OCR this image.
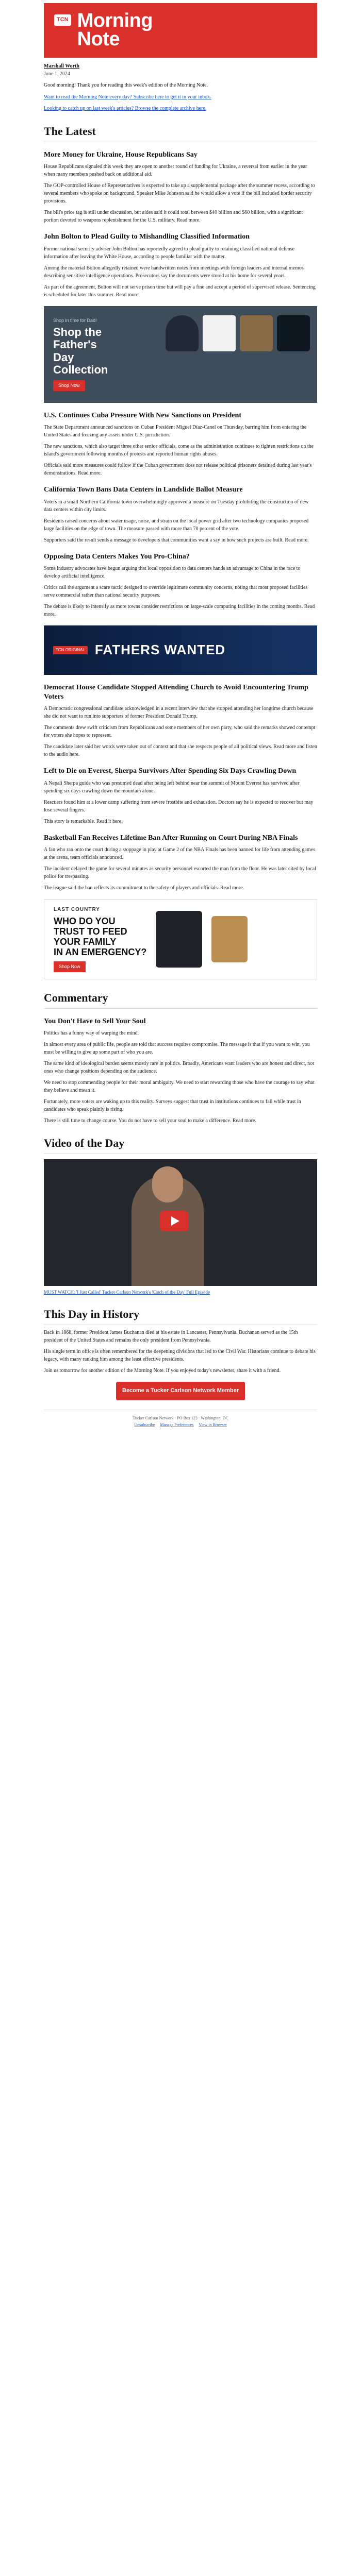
TCN Morning
Note
Marshall Worth
June 1, 2024

Good morning! Thank you for reading this week's edition of the Morning Note.

Want to read the Morning Note every day? Subscribe here to get it in your inbox.

Looking to catch up on last week's articles? Browse the complete archive here.

The Latest
More Money for Ukraine, House Republicans Say

House Republicans signaled this week they are open to another round of funding for Ukraine, a reversal from earlier in the year when many members pushed back on additional aid.

The GOP-controlled House of Representatives is expected to take up a supplemental package after the summer recess, according to several members who spoke on background. Speaker Mike Johnson said he would allow a vote if the bill included border security provisions.

The bill's price tag is still under discussion, but aides said it could total between $40 billion and $60 billion, with a significant portion devoted to weapons replenishment for the U.S. military. Read more.

John Bolton to Plead Guilty to Mishandling Classified Information

Former national security adviser John Bolton has reportedly agreed to plead guilty to retaining classified national defense information after leaving the White House, according to people familiar with the matter.

Among the material Bolton allegedly retained were handwritten notes from meetings with foreign leaders and internal memos describing sensitive intelligence operations. Prosecutors say the documents were stored at his home for several years.

As part of the agreement, Bolton will not serve prison time but will pay a fine and accept a period of supervised release. Sentencing is scheduled for later this summer. Read more.

Shop in time for Dad!
Shop the
Father's
Day
Collection
Shop Now
U.S. Continues Cuba Pressure With New Sanctions on President

The State Department announced sanctions on Cuban President Miguel Díaz-Canel on Thursday, barring him from entering the United States and freezing any assets under U.S. jurisdiction.

The new sanctions, which also target three other senior officials, come as the administration continues to tighten restrictions on the island's government following months of protests and reported human rights abuses.

Officials said more measures could follow if the Cuban government does not release political prisoners detained during last year's demonstrations. Read more.

California Town Bans Data Centers in Landslide Ballot Measure

Voters in a small Northern California town overwhelmingly approved a measure on Tuesday prohibiting the construction of new data centers within city limits.

Residents raised concerns about water usage, noise, and strain on the local power grid after two technology companies proposed large facilities on the edge of town. The measure passed with more than 70 percent of the vote.

Supporters said the result sends a message to developers that communities want a say in how such projects are built. Read more.

Opposing Data Centers Makes You Pro-China?

Some industry advocates have begun arguing that local opposition to data centers hands an advantage to China in the race to develop artificial intelligence.

Critics call the argument a scare tactic designed to override legitimate community concerns, noting that most proposed facilities serve commercial rather than national security purposes.

The debate is likely to intensify as more towns consider restrictions on large-scale computing facilities in the coming months. Read more.

TCN ORIGINAL FATHERS WANTED
Democrat House Candidate Stopped Attending Church to Avoid Encountering Trump Voters

A Democratic congressional candidate acknowledged in a recent interview that she stopped attending her longtime church because she did not want to run into supporters of former President Donald Trump.

The comments drew swift criticism from Republicans and some members of her own party, who said the remarks showed contempt for voters she hopes to represent.

The candidate later said her words were taken out of context and that she respects people of all political views. Read more and listen to the audio here.

Left to Die on Everest, Sherpa Survivors After Spending Six Days Crawling Down

A Nepali Sherpa guide who was presumed dead after being left behind near the summit of Mount Everest has survived after spending six days crawling down the mountain alone.

Rescuers found him at a lower camp suffering from severe frostbite and exhaustion. Doctors say he is expected to recover but may lose several fingers.

This story is remarkable. Read it here.

Basketball Fan Receives Lifetime Ban After Running on Court During NBA Finals

A fan who ran onto the court during a stoppage in play at Game 2 of the NBA Finals has been banned for life from attending games at the arena, team officials announced.

The incident delayed the game for several minutes as security personnel escorted the man from the floor. He was later cited by local police for trespassing.

The league said the ban reflects its commitment to the safety of players and officials. Read more.

LAST COUNTRY
WHO DO YOU
TRUST TO FEED
YOUR FAMILY
IN AN EMERGENCY?
Shop Now
Commentary
You Don't Have to Sell Your Soul

Politics has a funny way of warping the mind.

In almost every area of public life, people are told that success requires compromise. The message is that if you want to win, you must be willing to give up some part of who you are.

The same kind of ideological burden seems mostly rare in politics. Broadly, Americans want leaders who are honest and direct, not ones who change positions depending on the audience.

We need to stop commending people for their moral ambiguity. We need to start rewarding those who have the courage to say what they believe and mean it.

Fortunately, more voters are waking up to this reality. Surveys suggest that trust in institutions continues to fall while trust in candidates who speak plainly is rising.

There is still time to change course. You do not have to sell your soul to make a difference. Read more.

Video of the Day

MUST WATCH: 'I Just Called' Tucker Carlson Network's 'Catch of the Day' Full Episode

This Day in History

Back in 1868, former President James Buchanan died at his estate in Lancaster, Pennsylvania. Buchanan served as the 15th president of the United States and remains the only president from Pennsylvania.

His single term in office is often remembered for the deepening divisions that led to the Civil War. Historians continue to debate his legacy, with many ranking him among the least effective presidents.

Join us tomorrow for another edition of the Morning Note. If you enjoyed today's newsletter, share it with a friend.

Become a Tucker Carlson Network Member
Tucker Carlson Network · PO Box 123 · Washington, DC
Unsubscribe Manage Preferences View in Browser
